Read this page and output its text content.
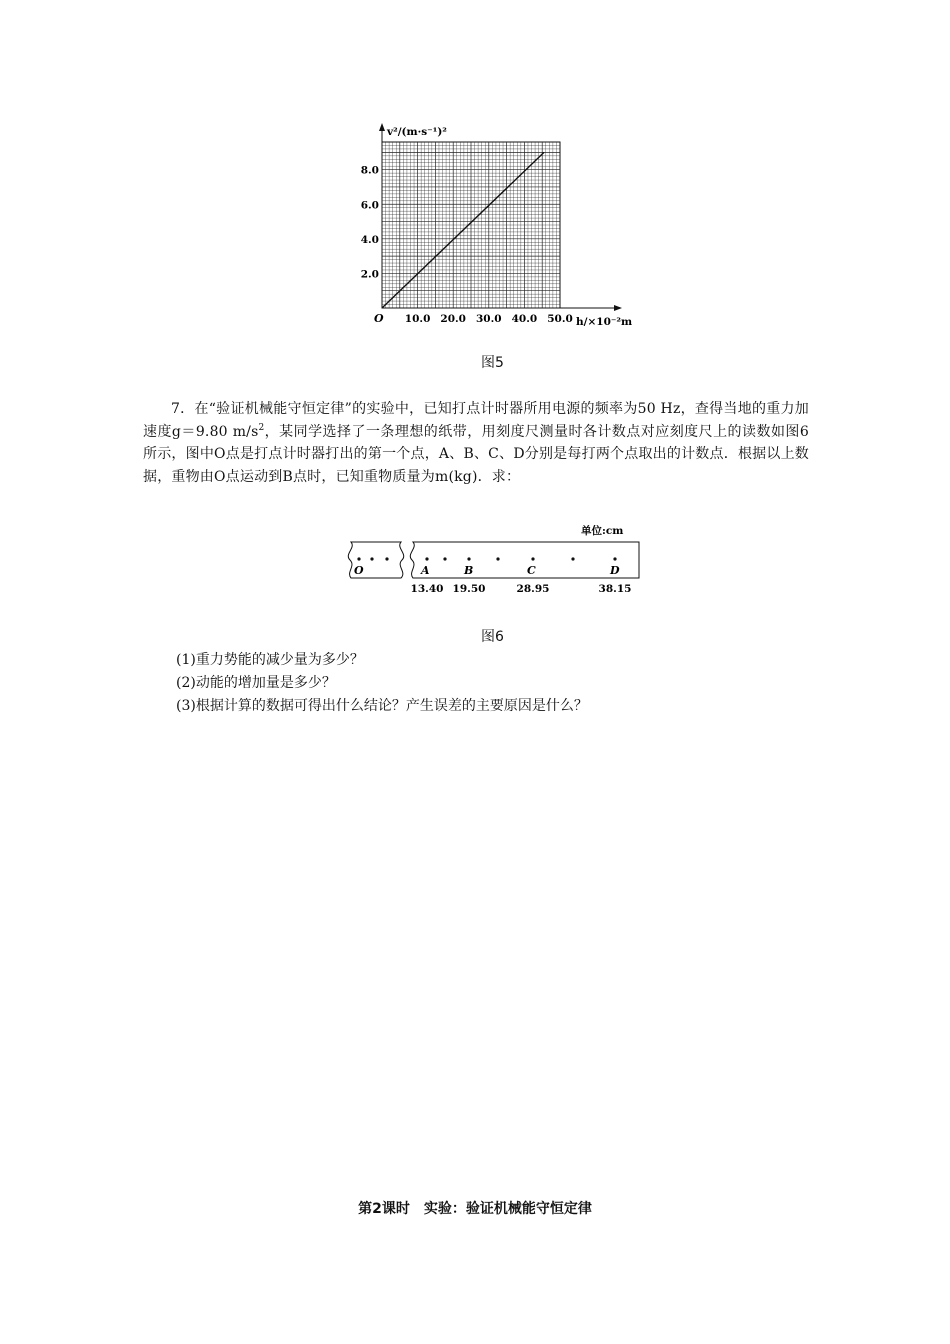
10.0 20.0 30.0 40.0 50.0
2.0
4.0
6.0
8.0
O
v²/(m·s⁻¹)²
h/×10⁻²m
图5

7．在“验证机械能守恒定律”的实验中，已知打点计时器所用电源的频率为50 Hz，查得当地的重力加速度g＝9.80 $m/s^2$，某同学选择了一条理想的纸带，用刻度尺测量时各计数点对应刻度尺上的读数如图6所示，图中O点是打点计时器打出的第一个点，A、B、C、D分别是每打两个点取出的计数点．根据以上数据，重物由O点运动到B点时，已知重物质量为m(kg)．求：

单位:cm
O	A	B	C	D
13.40 19.50	28.95	38.15
图6
(1)重力势能的减少量为多少？
(2)动能的增加量是多少？
(3)根据计算的数据可得出什么结论？产生误差的主要原因是什么？
第2课时　实验：验证机械能守恒定律
